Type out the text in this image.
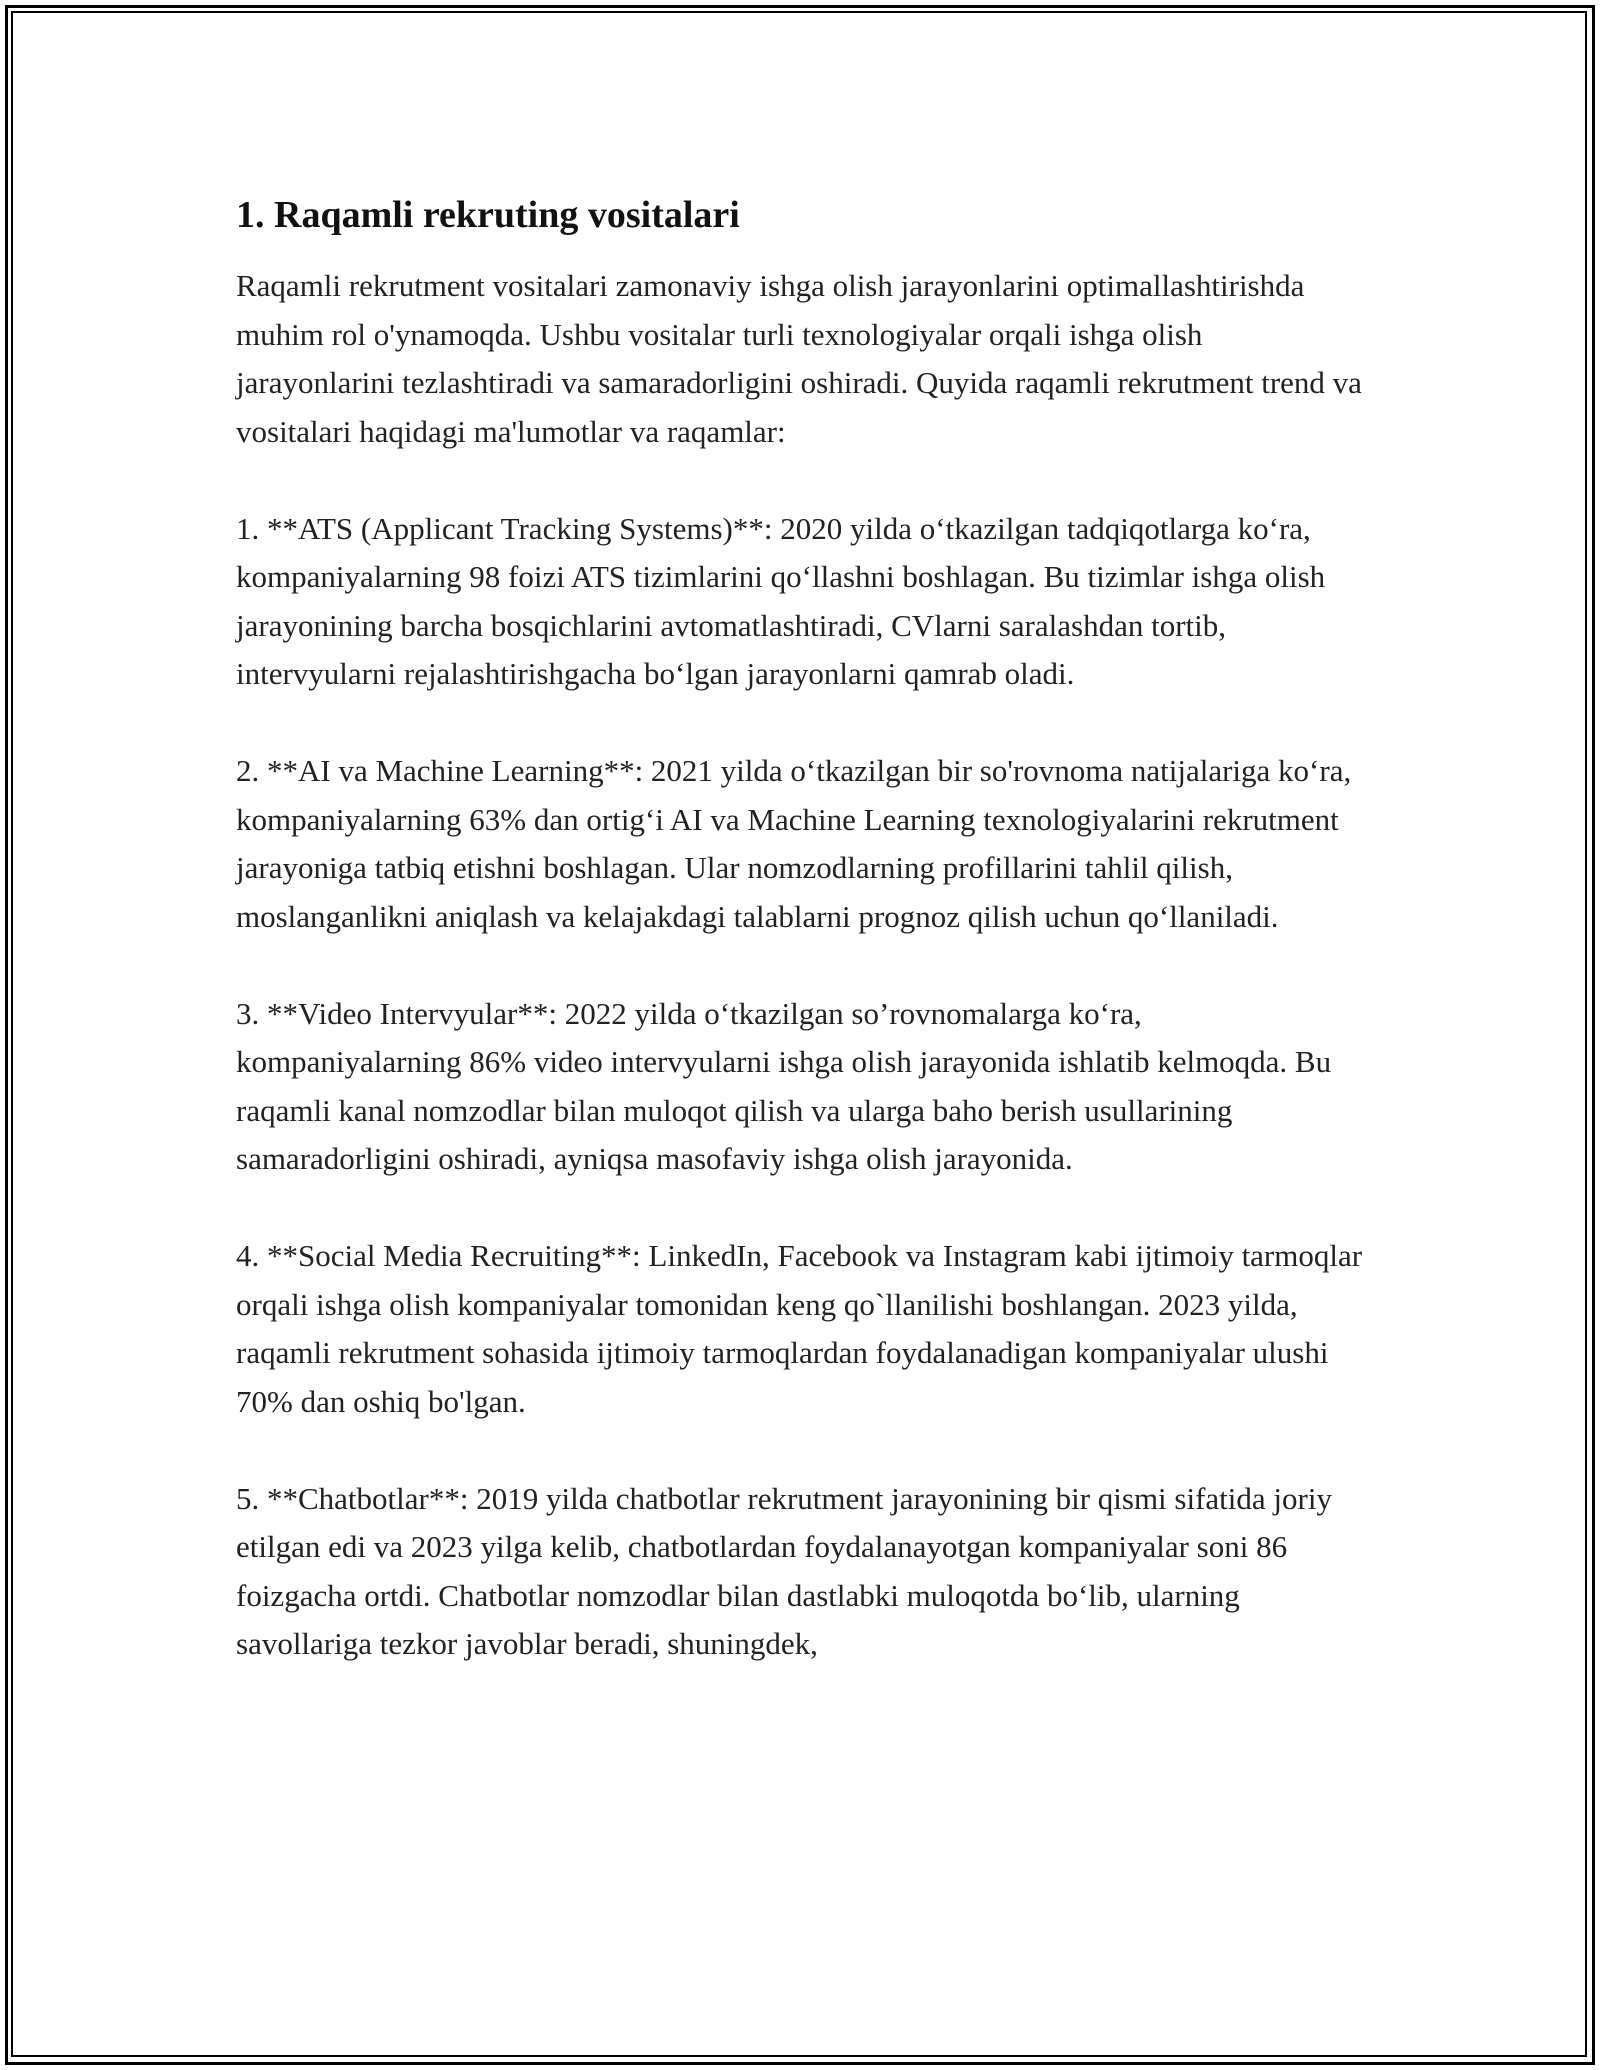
1. Raqamli rekruting vositalari

Raqamli rekrutment vositalari zamonaviy ishga olish jarayonlarini optimallashtirishda muhim rol o'ynamoqda. Ushbu vositalar turli texnologiyalar orqali ishga olish jarayonlarini tezlashtiradi va samaradorligini oshiradi. Quyida raqamli rekrutment trend va vositalari haqidagi ma'lumotlar va raqamlar:

1. **ATS (Applicant Tracking Systems)**: 2020 yilda o‘tkazilgan tadqiqotlarga ko‘ra, kompaniyalarning 98 foizi ATS tizimlarini qo‘llashni boshlagan. Bu tizimlar ishga olish jarayonining barcha bosqichlarini avtomatlashtiradi, CVlarni saralashdan tortib, intervyularni rejalashtirishgacha bo‘lgan jarayonlarni qamrab oladi.

2. **AI va Machine Learning**: 2021 yilda o‘tkazilgan bir so'rovnoma natijalariga ko‘ra, kompaniyalarning 63% dan ortig‘i AI va Machine Learning texnologiyalarini rekrutment jarayoniga tatbiq etishni boshlagan. Ular nomzodlarning profillarini tahlil qilish, moslanganlikni aniqlash va kelajakdagi talablarni prognoz qilish uchun qo‘llaniladi.

3. **Video Intervyular**: 2022 yilda o‘tkazilgan so’rovnomalarga ko‘ra, kompaniyalarning 86% video intervyularni ishga olish jarayonida ishlatib kelmoqda. Bu raqamli kanal nomzodlar bilan muloqot qilish va ularga baho berish usullarining samaradorligini oshiradi, ayniqsa masofaviy ishga olish jarayonida.

4. **Social Media Recruiting**: LinkedIn, Facebook va Instagram kabi ijtimoiy tarmoqlar orqali ishga olish kompaniyalar tomonidan keng qo`llanilishi boshlangan. 2023 yilda, raqamli rekrutment sohasida ijtimoiy tarmoqlardan foydalanadigan kompaniyalar ulushi 70% dan oshiq bo'lgan.

5. **Chatbotlar**: 2019 yilda chatbotlar rekrutment jarayonining bir qismi sifatida joriy etilgan edi va 2023 yilga kelib, chatbotlardan foydalanayotgan kompaniyalar soni 86 foizgacha ortdi. Chatbotlar nomzodlar bilan dastlabki muloqotda bo‘lib, ularning savollariga tezkor javoblar beradi, shuningdek,
